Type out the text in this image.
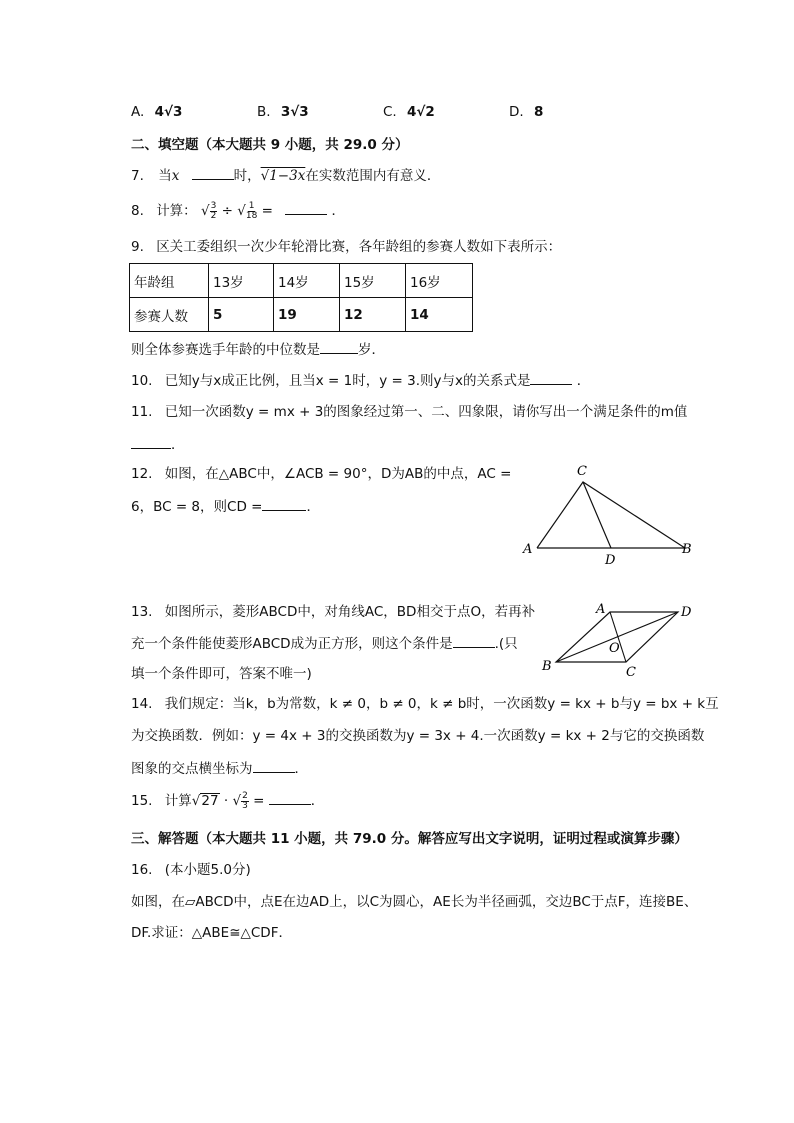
A. 4√3	B. 3√3	C. 4√2	D. 8
二、填空题（本大题共 9 小题，共 29.0 分）
7. 当x	时，√1−3x在实数范围内有意义．
8. 计算： √ $\frac{3}{2}$ ÷ √ $\frac{1}{18}$ =	．
9. 区关工委组织一次少年轮滑比赛，各年龄组的参赛人数如下表所示：
年龄组	13岁	14岁	15岁	16岁
参赛人数	5	19	12	14
则全体参赛选手年龄的中位数是	岁．
10. 已知y与x成正比例，且当x = 1时，y = 3.则y与x的关系式是	．
11. 已知一次函数y = mx + 3的图象经过第一、二、四象限，请你写出一个满足条件的m值
．
12. 如图，在△ABC中，∠ACB = 90°，D为AB的中点，AC =
6，BC = 8，则CD =	．
C
A	B
D
13. 如图所示，菱形ABCD中，对角线AC，BD相交于点O，若再补
充一个条件能使菱形ABCD成为正方形，则这个条件是	.(只
填一个条件即可，答案不唯一)
A	D
B	C
O
14. 我们规定：当k，b为常数，k ≠ 0，b ≠ 0，k ≠ b时，一次函数y = kx + b与y = bx + k互
为交换函数．例如：y = 4x + 3的交换函数为y = 3x + 4.一次函数y = kx + 2与它的交换函数
图象的交点横坐标为	．
15. 计算√27 · √ $\frac{2}{3}$ =	．
三、解答题（本大题共 11 小题，共 79.0 分。解答应写出文字说明，证明过程或演算步骤）
16. (本小题5.0分)
如图，在▱ABCD中，点E在边AD上，以C为圆心，AE长为半径画弧，交边BC于点F，连接BE、
DF.求证：△ABE≅△CDF．
